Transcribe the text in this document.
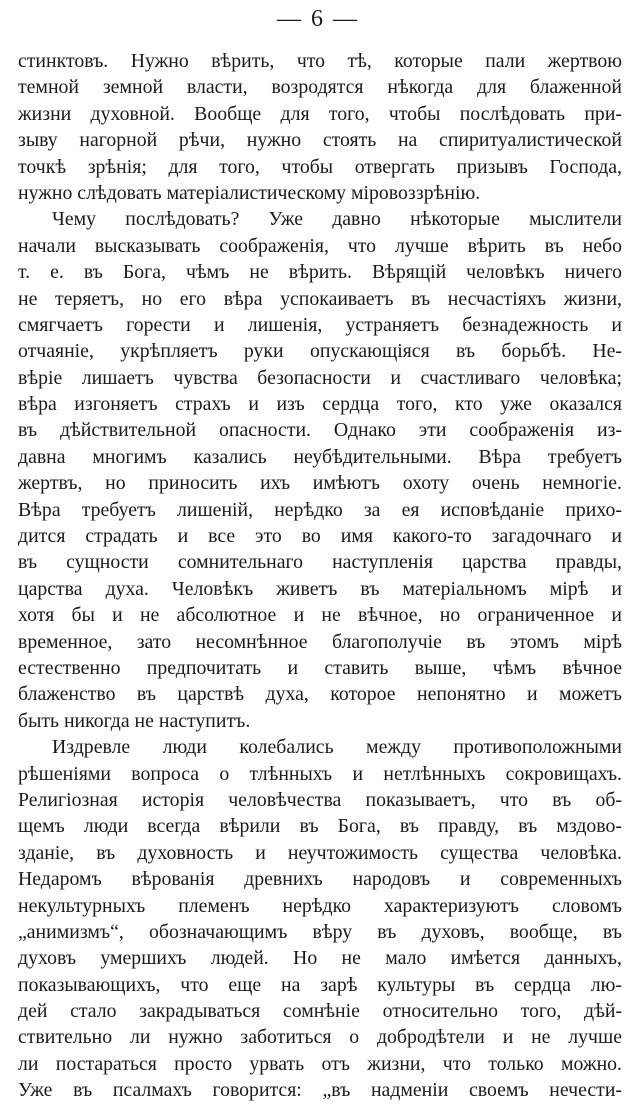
— 6 —
стинктовъ. Нужно вѣрить, что тѣ, которые пали жертвою
темной земной власти, возродятся нѣкогда для блаженной
жизни духовной. Вообще для того, чтобы послѣдовать при-
зыву нагорной рѣчи, нужно стоять на спиритуалистической
точкѣ зрѣнія; для того, чтобы отвергать призывъ Господа,
нужно слѣдовать матеріалистическому міровоззрѣнію.
Чему послѣдовать? Уже давно нѣкоторые мыслители
начали высказывать соображенія, что лучше вѣрить въ небо
т. е. въ Бога, чѣмъ не вѣрить. Вѣрящій человѣкъ ничего
не теряетъ, но его вѣра успокаиваетъ въ несчастіяхъ жизни,
смягчаетъ горести и лишенія, устраняетъ безнадежность и
отчаяніе, укрѣпляетъ руки опускающіяся въ борьбѣ. Не-
вѣріе лишаетъ чувства безопасности и счастливаго человѣка;
вѣра изгоняетъ страхъ и изъ сердца того, кто уже оказался
въ дѣйствительной опасности. Однако эти соображенія из-
давна многимъ казались неубѣдительными. Вѣра требуетъ
жертвъ, но приносить ихъ имѣютъ охоту очень немногіе.
Вѣра требуетъ лишеній, нерѣдко за ея исповѣданіе прихо-
дится страдать и все это во имя какого-то загадочнаго и
въ сущности сомнительнаго наступленія царства правды,
царства духа. Человѣкъ живетъ въ матеріальномъ мірѣ и
хотя бы и не абсолютное и не вѣчное, но ограниченное и
временное, зато несомнѣнное благополучіе въ этомъ мірѣ
естественно предпочитать и ставить выше, чѣмъ вѣчное
блаженство въ царствѣ духа, которое непонятно и можетъ
быть никогда не наступитъ.
Издревле люди колебались между противоположными
рѣшеніями вопроса о тлѣнныхъ и нетлѣнныхъ сокровищахъ.
Религіозная исторія человѣчества показываетъ, что въ об-
щемъ люди всегда вѣрили въ Бога, въ правду, въ мздово-
зданіе, въ духовность и неучтожимость существа человѣка.
Недаромъ вѣрованія древнихъ народовъ и современныхъ
некультурныхъ племенъ нерѣдко характеризуютъ словомъ
„анимизмъ“, обозначающимъ вѣру въ духовъ, вообще, въ
духовъ умершихъ людей. Но не мало имѣется данныхъ,
показывающихъ, что еще на зарѣ культуры въ сердца лю-
дей стало закрадываться сомнѣніе относительно того, дѣй-
ствительно ли нужно заботиться о добродѣтели и не лучше
ли постараться просто урвать отъ жизни, что только можно.
Уже въ псалмахъ говорится: „въ надменіи своемъ нечести-
